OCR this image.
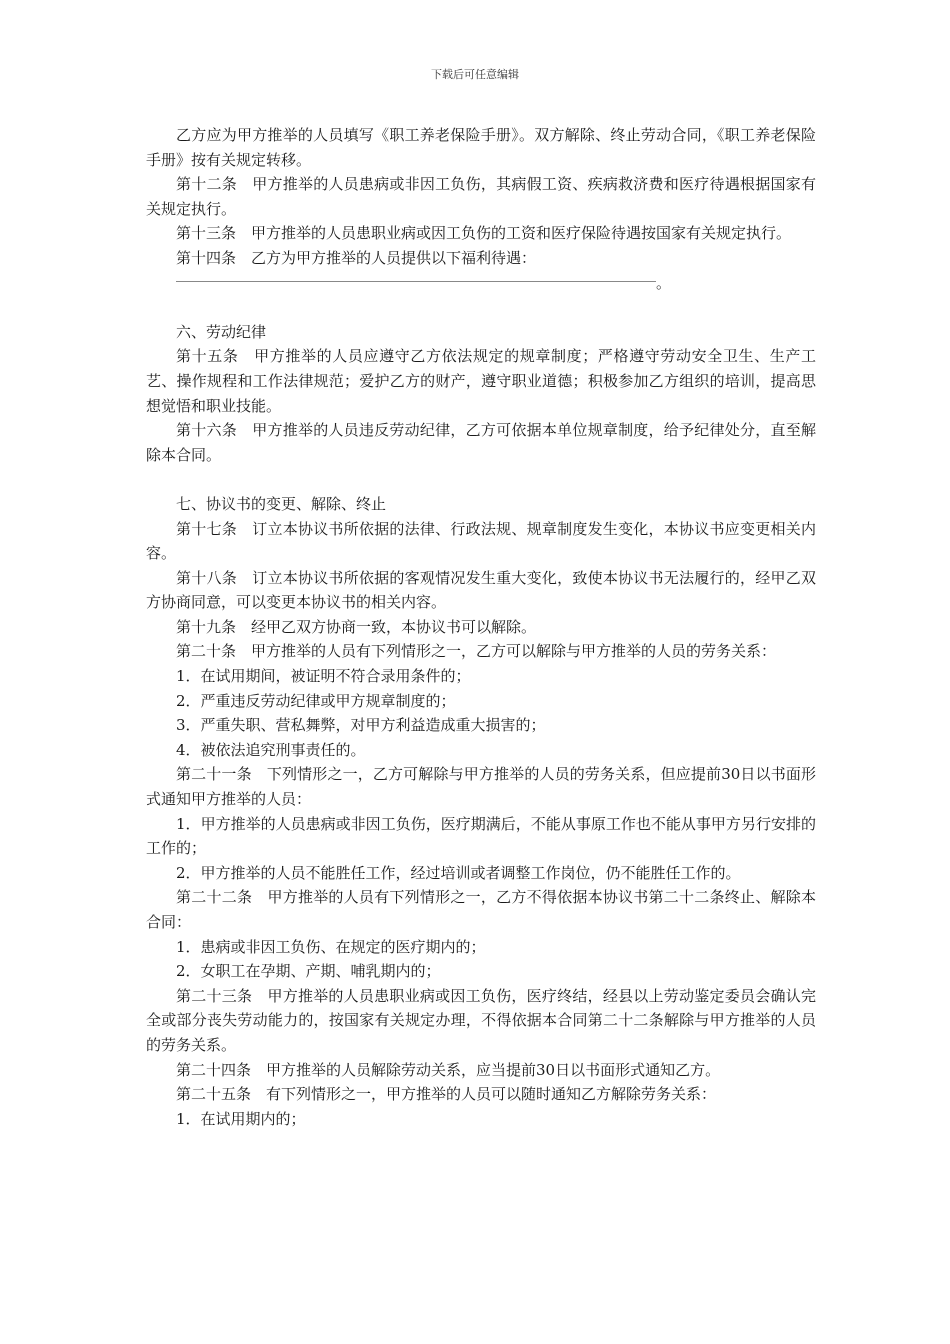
下载后可任意编辑

乙方应为甲方推举的人员填写《职工养老保险手册》。双方解除、终止劳动合同，《职工养老保险手册》按有关规定转移。

第十二条　甲方推举的人员患病或非因工负伤，其病假工资、疾病救济费和医疗待遇根据国家有关规定执行。

第十三条　甲方推举的人员患职业病或因工负伤的工资和医疗保险待遇按国家有关规定执行。

第十四条　乙方为甲方推举的人员提供以下福利待遇：

。

六、劳动纪律

第十五条　甲方推举的人员应遵守乙方依法规定的规章制度；严格遵守劳动安全卫生、生产工艺、操作规程和工作法律规范；爱护乙方的财产，遵守职业道德；积极参加乙方组织的培训，提高思想觉悟和职业技能。

第十六条　甲方推举的人员违反劳动纪律，乙方可依据本单位规章制度，给予纪律处分，直至解除本合同。

七、协议书的变更、解除、终止

第十七条　订立本协议书所依据的法律、行政法规、规章制度发生变化，本协议书应变更相关内容。

第十八条　订立本协议书所依据的客观情况发生重大变化，致使本协议书无法履行的，经甲乙双方协商同意，可以变更本协议书的相关内容。

第十九条　经甲乙双方协商一致，本协议书可以解除。

第二十条　甲方推举的人员有下列情形之一，乙方可以解除与甲方推举的人员的劳务关系：

1．在试用期间，被证明不符合录用条件的；

2．严重违反劳动纪律或甲方规章制度的；

3．严重失职、营私舞弊，对甲方利益造成重大损害的；

4．被依法追究刑事责任的。

第二十一条　下列情形之一，乙方可解除与甲方推举的人员的劳务关系，但应提前30日以书面形式通知甲方推举的人员：

1．甲方推举的人员患病或非因工负伤，医疗期满后，不能从事原工作也不能从事甲方另行安排的工作的；

2．甲方推举的人员不能胜任工作，经过培训或者调整工作岗位，仍不能胜任工作的。

第二十二条　甲方推举的人员有下列情形之一，乙方不得依据本协议书第二十二条终止、解除本合同：

1．患病或非因工负伤、在规定的医疗期内的；

2．女职工在孕期、产期、哺乳期内的；

第二十三条　甲方推举的人员患职业病或因工负伤，医疗终结，经县以上劳动鉴定委员会确认完全或部分丧失劳动能力的，按国家有关规定办理，不得依据本合同第二十二条解除与甲方推举的人员的劳务关系。

第二十四条　甲方推举的人员解除劳动关系，应当提前30日以书面形式通知乙方。

第二十五条　有下列情形之一，甲方推举的人员可以随时通知乙方解除劳务关系：

1．在试用期内的；
